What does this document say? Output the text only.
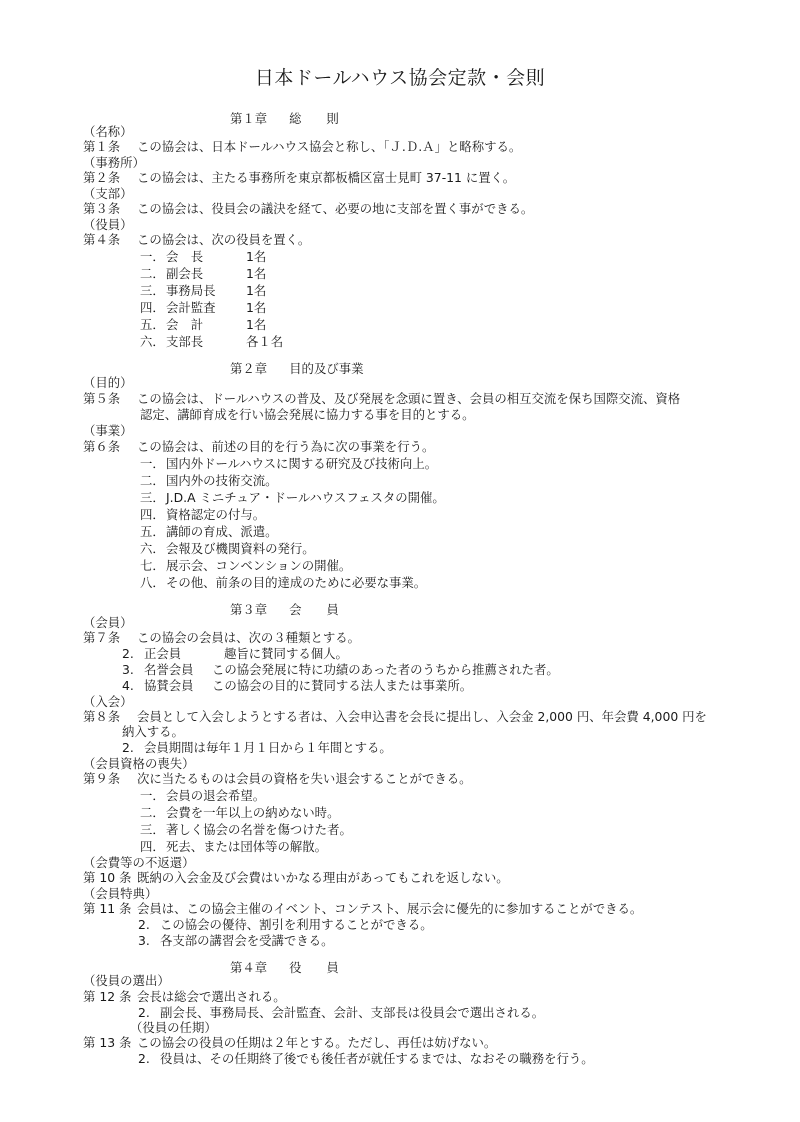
日本ドールハウス協会定款・会則
第１章 総　　則
（名称）
第１条 この協会は、日本ドールハウス協会と称し、「Ｊ.Ｄ.Ａ」と略称する。
（事務所）
第２条 この協会は、主たる事務所を東京都板橋区富士見町 37-11 に置く。
（支部）
第３条 この協会は、役員会の議決を経て、必要の地に支部を置く事ができる。
（役員）
第４条 この協会は、次の役員を置く。
一．会　長	1名
二．副会長	1名
三．事務局長 1名
四．会計監査 1名
五．会　計	1名
六．支部長	各１名
第２章 目的及び事業
（目的）
第５条 この協会は、ドールハウスの普及、及び発展を念頭に置き、会員の相互交流を保ち国際交流、資格
認定、講師育成を行い協会発展に協力する事を目的とする。
（事業）
第６条 この協会は、前述の目的を行う為に次の事業を行う。
一．国内外ドールハウスに関する研究及び技術向上。
二．国内外の技術交流。
三．J.D.A ミニチュア・ドールハウスフェスタの開催。
四．資格認定の付与。
五．講師の育成、派遣。
六．会報及び機関資料の発行。
七．展示会、コンベンションの開催。
八．その他、前条の目的達成のために必要な事業。
第３章 会　　員
（会員）
第７条 この協会の会員は、次の３種類とする。
2. 正会員	趣旨に賛同する個人。
3. 名誉会員 この協会発展に特に功績のあった者のうちから推薦された者。
4. 協賛会員 この協会の目的に賛同する法人または事業所。
（入会）
第８条 会員として入会しようとする者は、入会申込書を会長に提出し、入会金 2,000 円、年会費 4,000 円を
納入する。
2. 会員期間は毎年１月１日から１年間とする。
（会員資格の喪失）
第９条 次に当たるものは会員の資格を失い退会することができる。
一．会員の退会希望。
二．会費を一年以上の納めない時。
三．著しく協会の名誉を傷つけた者。
四．死去、または団体等の解散。
（会費等の不返還）
第 10 条 既納の入会金及び会費はいかなる理由があってもこれを返しない。
（会員特典）
第 11 条 会員は、この協会主催のイベント、コンテスト、展示会に優先的に参加することができる。
2. この協会の優待、割引を利用することができる。
3. 各支部の講習会を受講できる。
第４章 役　　員
（役員の選出）
第 12 条 会長は総会で選出される。
2. 副会長、事務局長、会計監査、会計、支部長は役員会で選出される。
（役員の任期）
第 13 条 この協会の役員の任期は２年とする。ただし、再任は妨げない。
2. 役員は、その任期終了後でも後任者が就任するまでは、なおその職務を行う。
